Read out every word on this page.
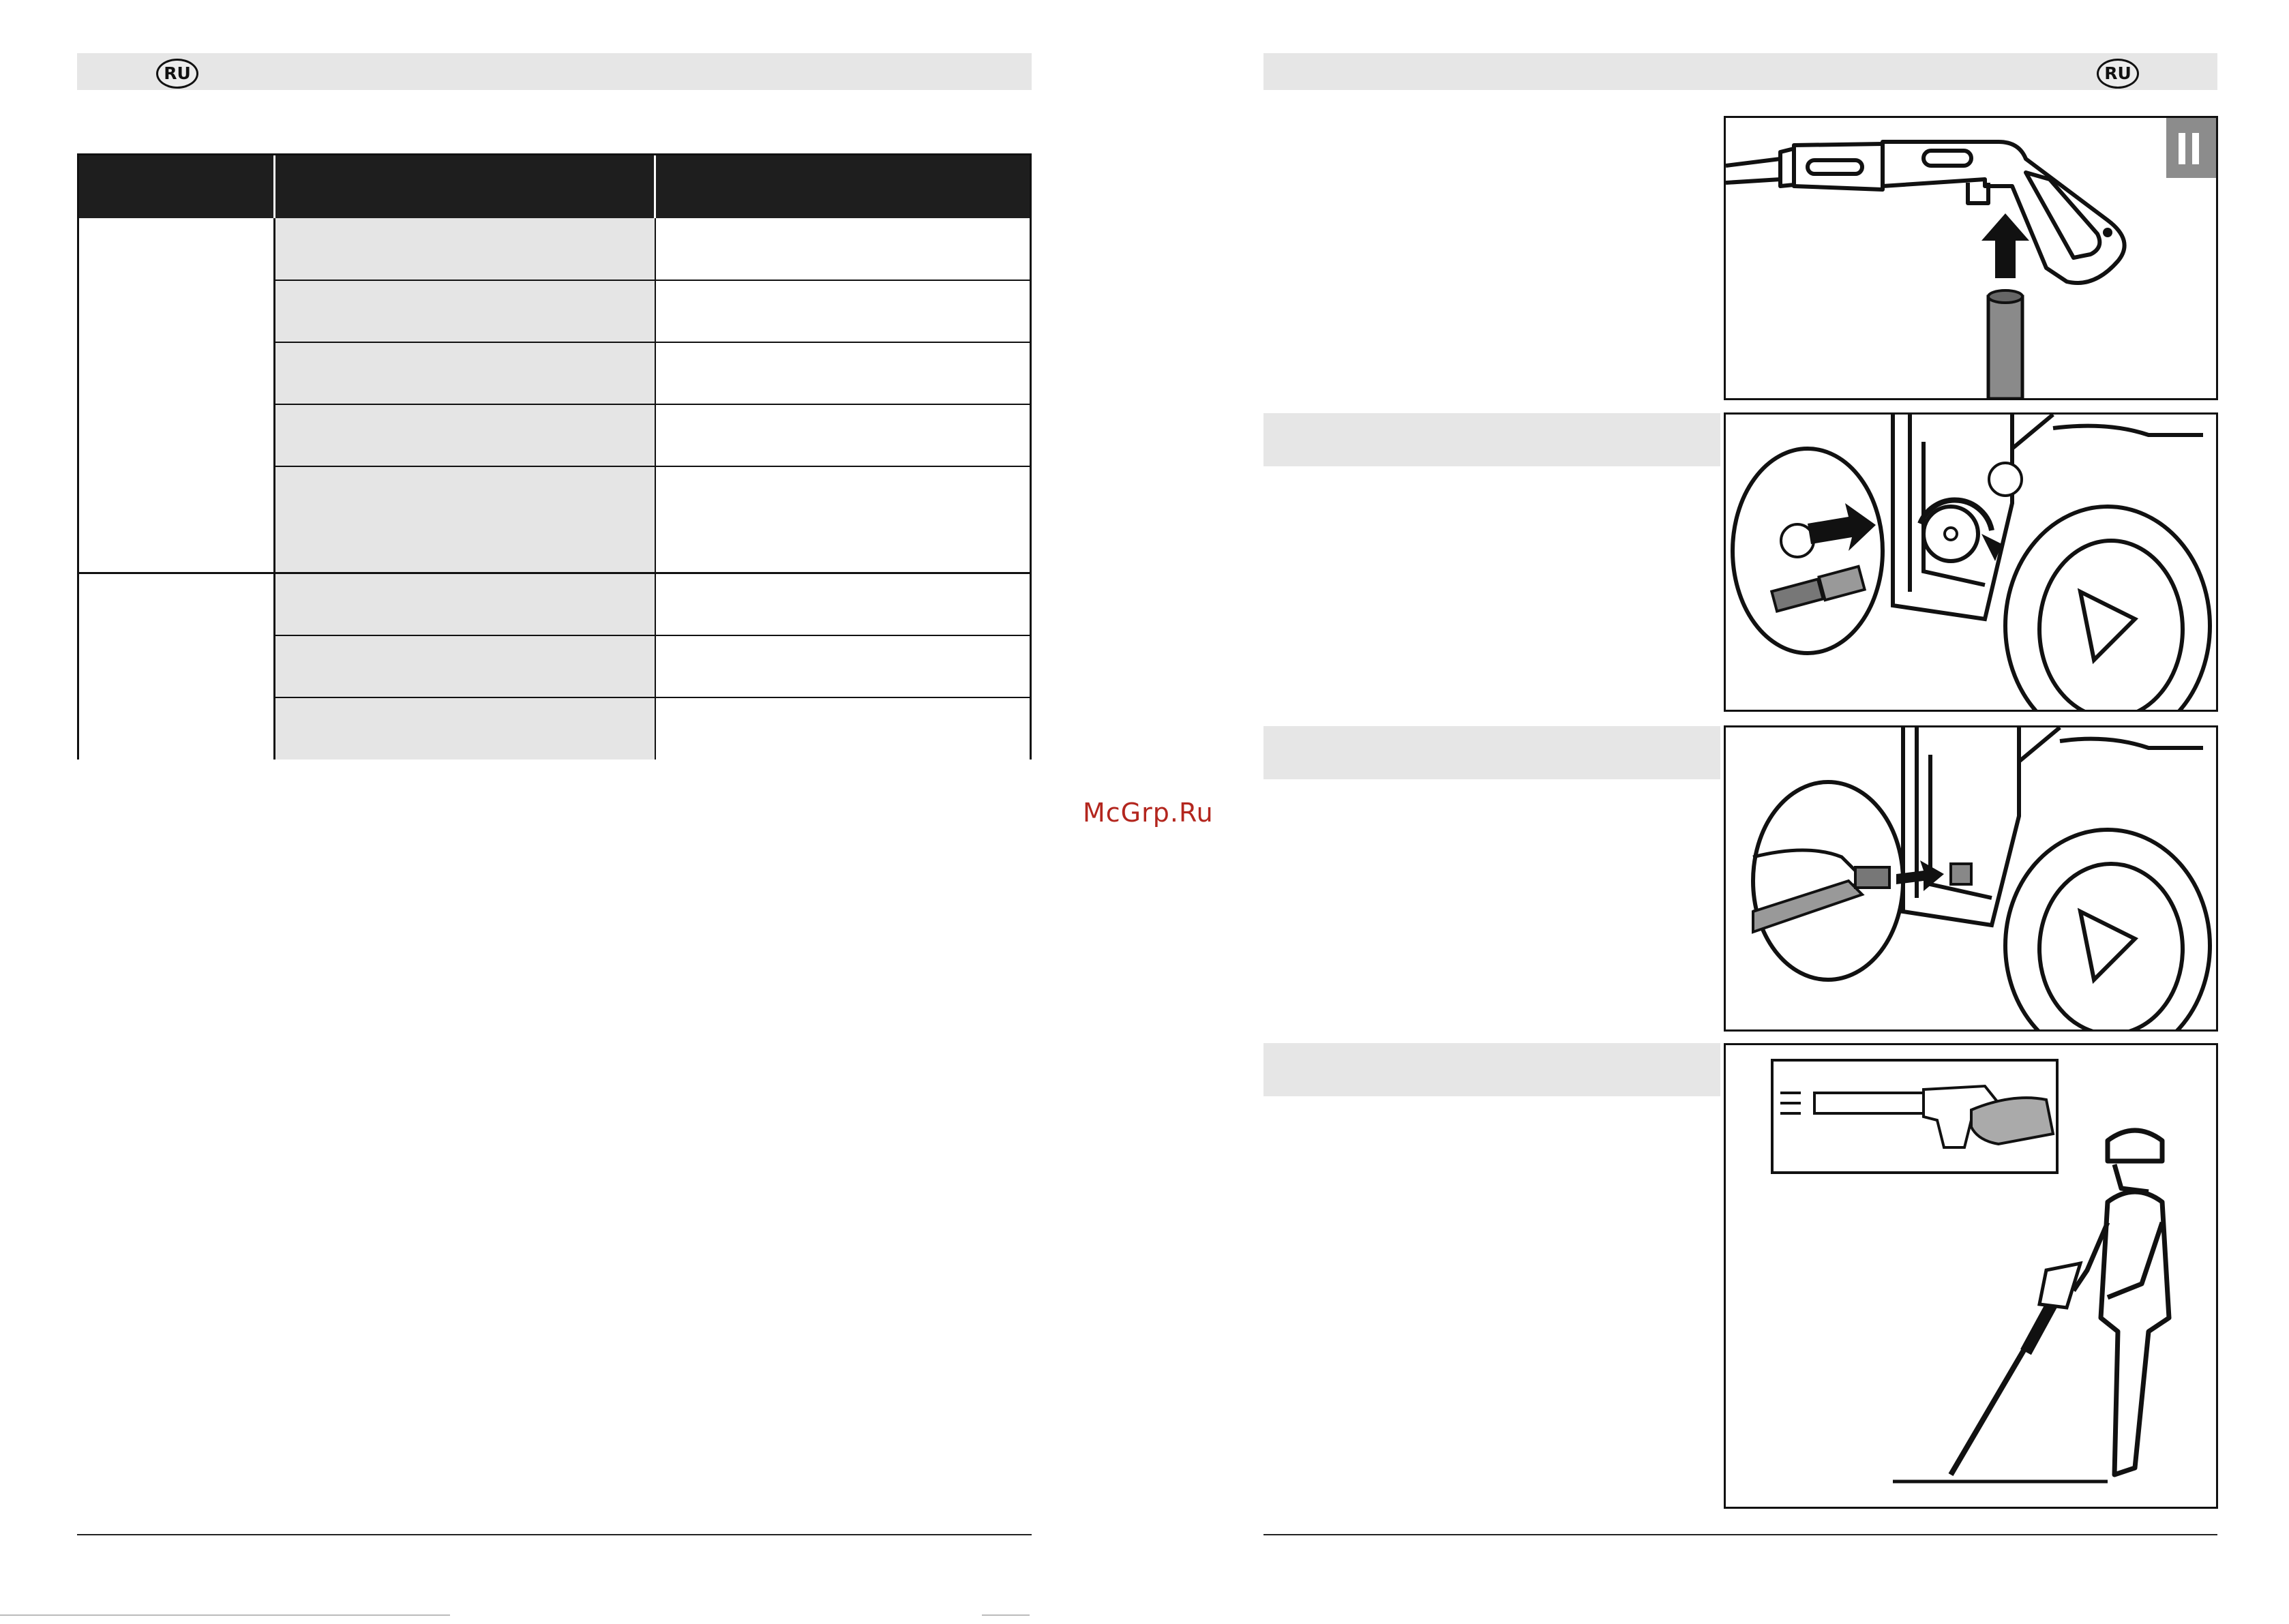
RU
McGrp.Ru
RU
